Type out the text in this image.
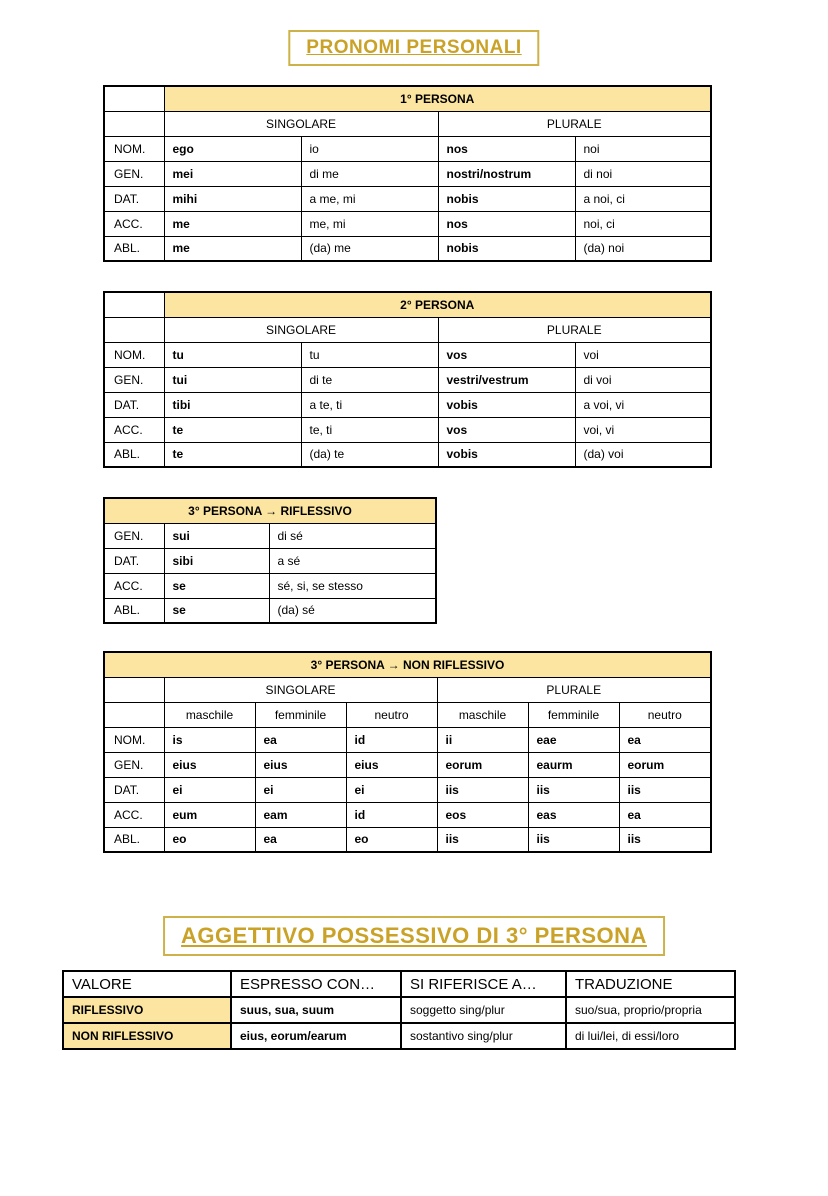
PRONOMI PERSONALI
	1° PERSONA			
	SINGOLARE		PLURALE	
NOM.	ego	io	nos	noi
GEN.	mei	di me	nostri/nostrum	di noi
DAT.	mihi	a me, mi	nobis	a noi, ci
ACC.	me	me, mi	nos	noi, ci
ABL.	me	(da) me	nobis	(da) noi
	2° PERSONA			
	SINGOLARE		PLURALE	
NOM.	tu	tu	vos	voi
GEN.	tui	di te	vestri/vestrum	di voi
DAT.	tibi	a te, ti	vobis	a voi, vi
ACC.	te	te, ti	vos	voi, vi
ABL.	te	(da) te	vobis	(da) voi
3° PERSONA → RIFLESSIVO		
GEN.	sui	di sé
DAT.	sibi	a sé
ACC.	se	sé, si, se stesso
ABL.	se	(da) sé
3° PERSONA → NON RIFLESSIVO						
	SINGOLARE			PLURALE		
	maschile	femminile	neutro	maschile	femminile	neutro
NOM.	is	ea	id	ii	eae	ea
GEN.	eius	eius	eius	eorum	eaurm	eorum
DAT.	ei	ei	ei	iis	iis	iis
ACC.	eum	eam	id	eos	eas	ea
ABL.	eo	ea	eo	iis	iis	iis
AGGETTIVO POSSESSIVO DI 3° PERSONA
VALORE	ESPRESSO CON…	SI RIFERISCE A…	TRADUZIONE
RIFLESSIVO	suus, sua, suum	soggetto sing/plur	suo/sua, proprio/propria
NON RIFLESSIVO	eius, eorum/earum	sostantivo sing/plur	di lui/lei, di essi/loro
